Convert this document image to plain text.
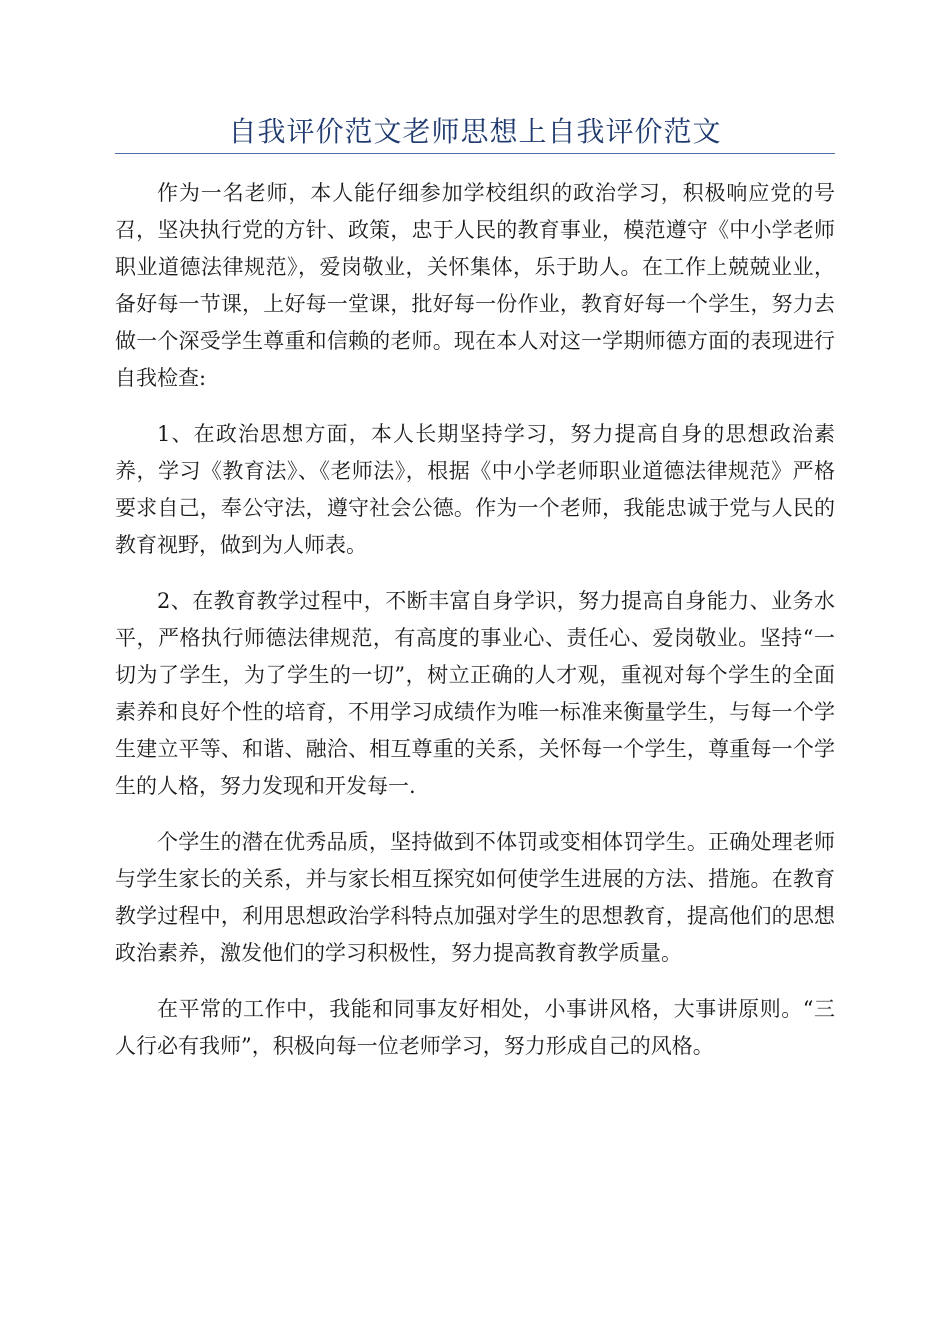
自我评价范文老师思想上自我评价范文

作为一名老师，本人能仔细参加学校组织的政治学习，积极响应党的号召，坚决执行党的方针、政策，忠于人民的教育事业，模范遵守《中小学老师职业道德法律规范》，爱岗敬业，关怀集体，乐于助人。在工作上兢兢业业，备好每一节课，上好每一堂课，批好每一份作业，教育好每一个学生，努力去做一个深受学生尊重和信赖的老师。现在本人对这一学期师德方面的表现进行自我检查:

1、在政治思想方面，本人长期坚持学习，努力提高自身的思想政治素养，学习《教育法》、《老师法》，根据《中小学老师职业道德法律规范》严格要求自己，奉公守法，遵守社会公德。作为一个老师，我能忠诚于党与人民的教育视野，做到为人师表。

2、在教育教学过程中，不断丰富自身学识，努力提高自身能力、业务水平，严格执行师德法律规范，有高度的事业心、责任心、爱岗敬业。坚持“一切为了学生，为了学生的一切”，树立正确的人才观，重视对每个学生的全面素养和良好个性的培育，不用学习成绩作为唯一标准来衡量学生，与每一个学生建立平等、和谐、融洽、相互尊重的关系，关怀每一个学生，尊重每一个学生的人格，努力发现和开发每一.

个学生的潜在优秀品质，坚持做到不体罚或变相体罚学生。正确处理老师与学生家长的关系，并与家长相互探究如何使学生进展的方法、措施。在教育教学过程中，利用思想政治学科特点加强对学生的思想教育，提高他们的思想政治素养，激发他们的学习积极性，努力提高教育教学质量。

在平常的工作中，我能和同事友好相处，小事讲风格，大事讲原则。“三人行必有我师”，积极向每一位老师学习，努力形成自己的风格。
